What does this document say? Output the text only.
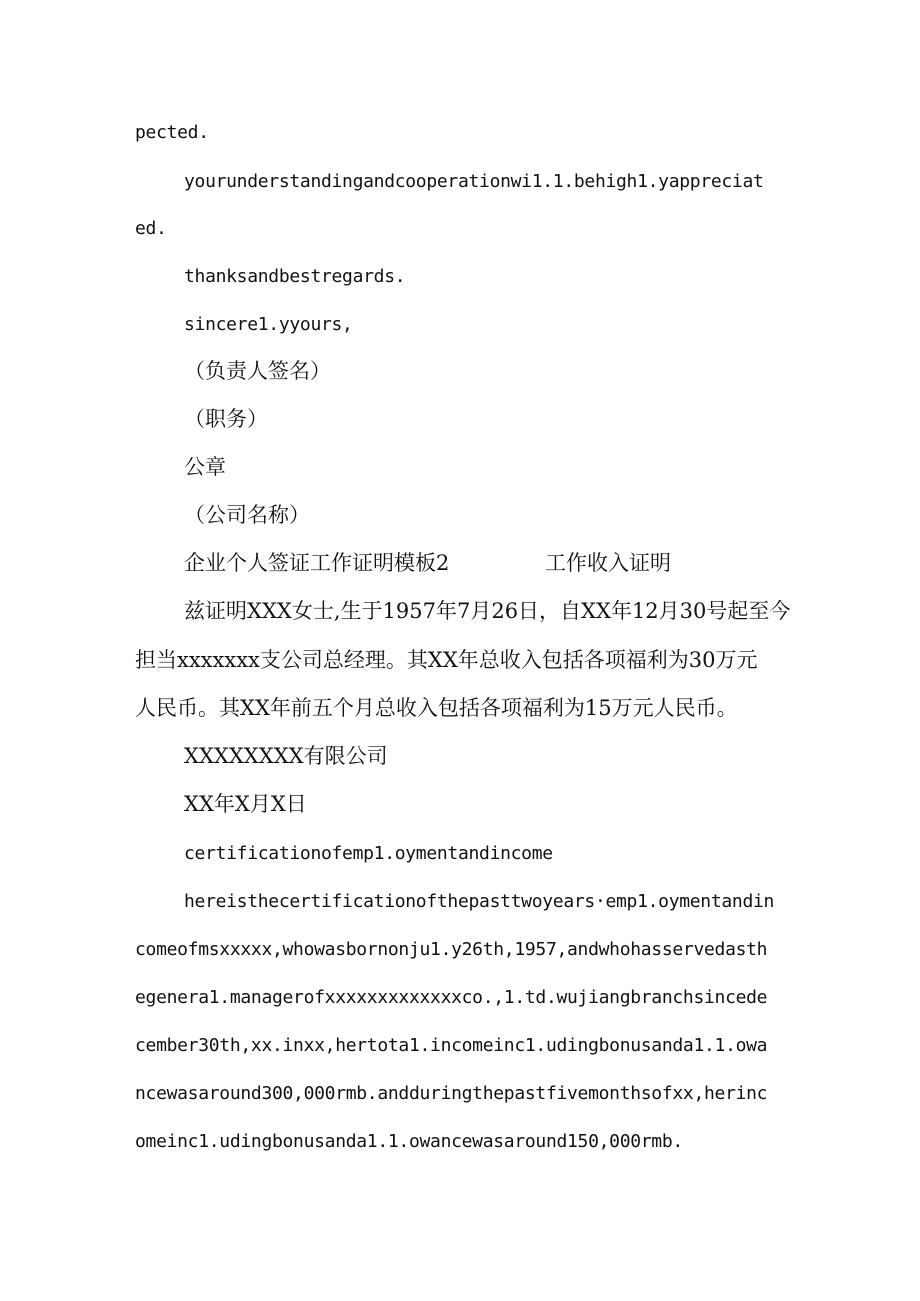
pected.
yourunderstandingandcooperationwi1.1.behigh1.yappreciat
ed.
thanksandbestregards.
sincere1.yyours,
（负责人签名）
（职务）
公章
（公司名称）
企业个人签证工作证明模板2	工作收入证明
兹证明XXX女士,生于1957年7月26日，自XX年12月30号起至今
担当xxxxxxx支公司总经理。其XX年总收入包括各项福利为30万元
人民币。其XX年前五个月总收入包括各项福利为15万元人民币。
XXXXXXXX有限公司
XX年X月X日
certificationofemp1.oymentandincome
hereisthecertificationofthepasttwoyears·emp1.oymentandin
comeofmsxxxxx,whowasbornonju1.y26th,1957,andwhohasservedasth
egenera1.managerofxxxxxxxxxxxxxco.,1.td.wujiangbranchsincede
cember30th,xx.inxx,hertota1.incomeinc1.udingbonusanda1.1.owa
ncewasaround300,000rmb.andduringthepastfivemonthsofxx,herinc
omeinc1.udingbonusanda1.1.owancewasaround150,000rmb.
